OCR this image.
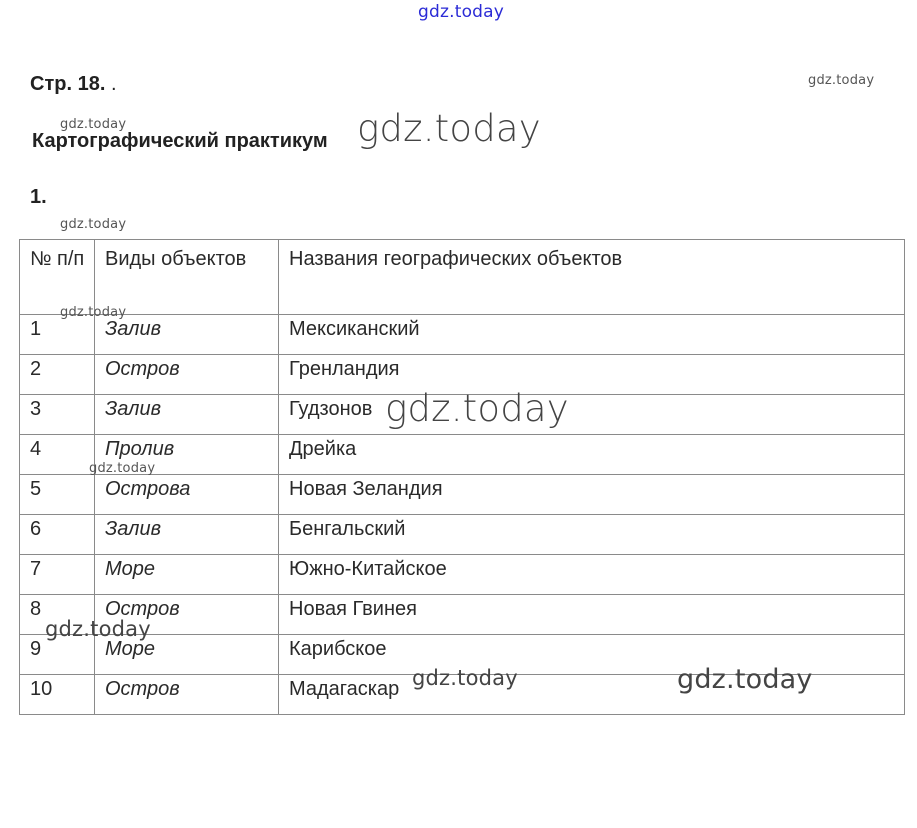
Стр. 18. .
Картографический практикум
1.
№ п/п	Виды объектов	Названия географических объектов
1	Залив	Мексиканский
2	Остров	Гренландия
3	Залив	Гудзонов
4	Пролив	Дрейка
5	Острова	Новая Зеландия
6	Залив	Бенгальский
7	Море	Южно-Китайское
8	Остров	Новая Гвинея
9	Море	Карибское
10	Остров	Мадагаскар
gdz.today
gdz.today
gdz.today	gdz.today
gdz.today
gdz.today
gdz.today
gdz.today
gdz.today
gdz.today	gdz.today
